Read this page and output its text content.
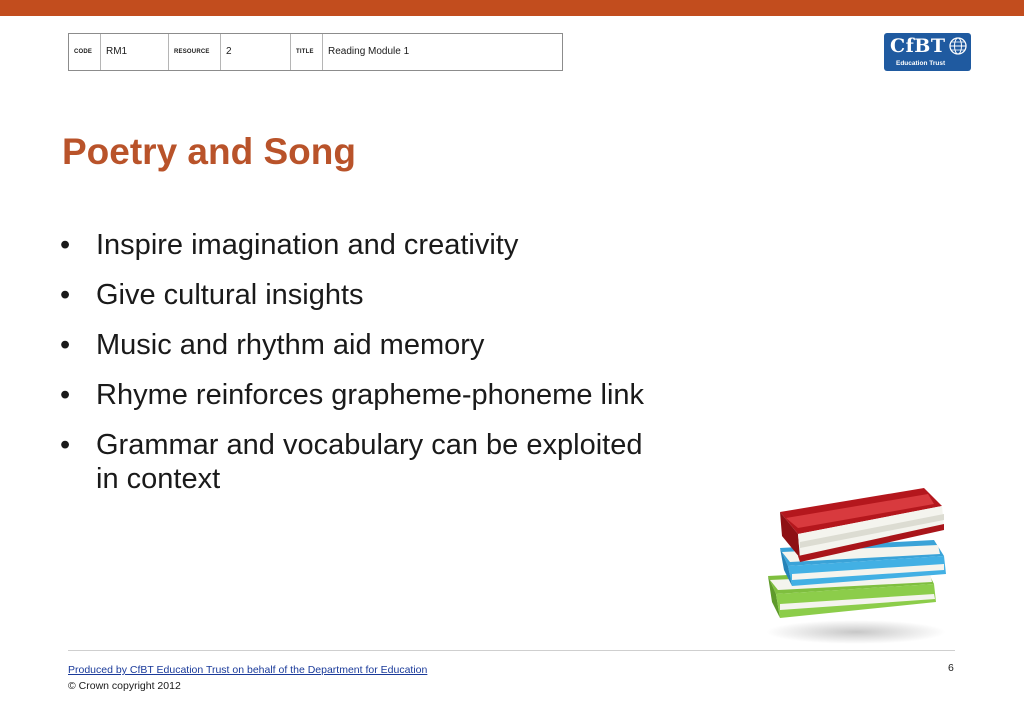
CODE	RM1	RESOURCE	2	TITLE	Reading Module 1	CfBT
Education Trust
Poetry and Song
• Inspire imagination and creativity
• Give cultural insights
• Music and rhythm aid memory
• Rhyme reinforces grapheme-phoneme link
• Grammar and vocabulary can be exploited in context
Produced by CfBT Education Trust on behalf of the Department for Education
© Crown copyright 2012
6
